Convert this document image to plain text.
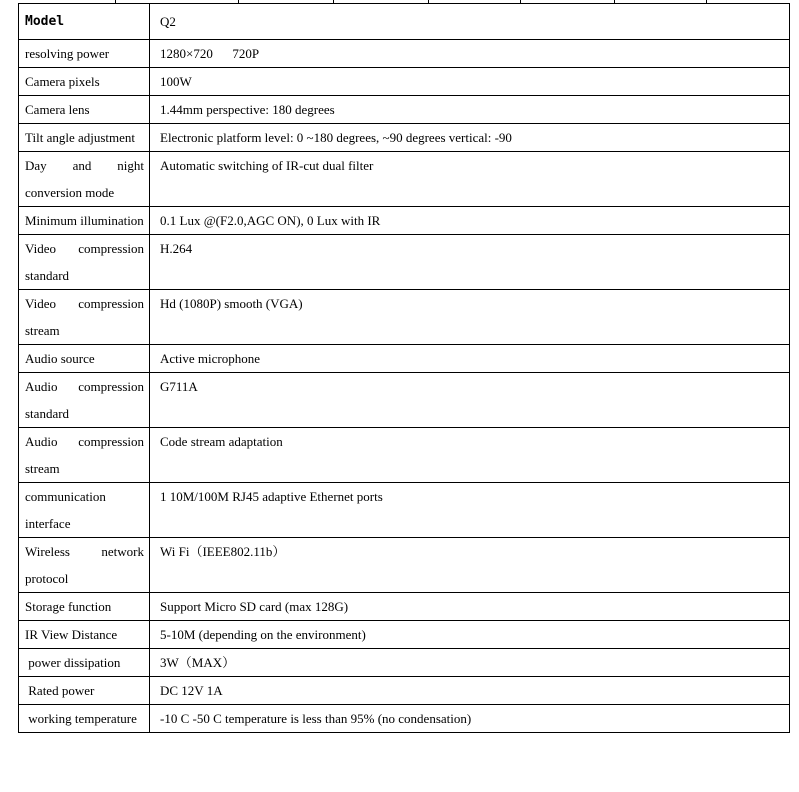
Model	Q2
resolving power	1280×720      720P
Camera pixels	100W
Camera lens	1.44mm perspective: 180 degrees
Tilt angle adjustment	Electronic platform level: 0 ~180 degrees, ~90 degrees vertical: -90
Day and night conversion mode	Automatic switching of IR-cut dual filter
Minimum illumination	0.1 Lux @(F2.0,AGC ON), 0 Lux with IR
Video compression standard	H.264
Video compression stream	Hd (1080P) smooth (VGA)
Audio source	Active microphone
Audio compression standard	G711A
Audio compression stream	Code stream adaptation
communication interface	1 10M/100M RJ45 adaptive Ethernet ports
Wireless network protocol	Wi Fi（IEEE802.11b）
Storage function	Support Micro SD card (max 128G)
IR View Distance	5-10M (depending on the environment)
power dissipation	3W（MAX）
Rated power	DC 12V 1A
working temperature	-10 C -50 C temperature is less than 95% (no condensation)
